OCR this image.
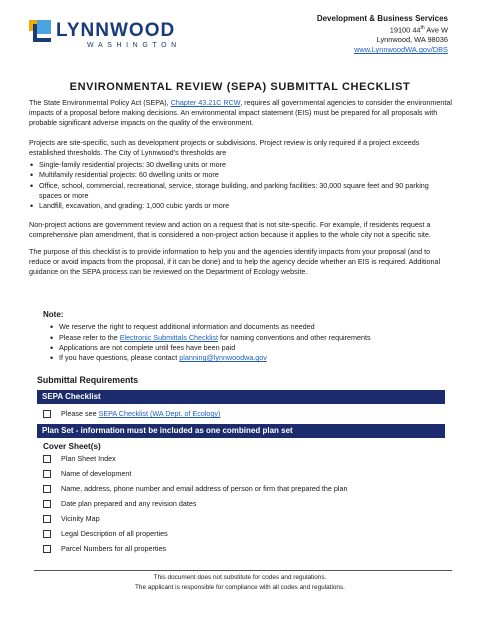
LYNNWOOD
WASHINGTON
Development & Business Services
19100 44th Ave W
Lynnwood, WA 98036
www.LynnwoodWA.gov/DBS
ENVIRONMENTAL REVIEW (SEPA) SUBMITTAL CHECKLIST

The State Environmental Policy Act (SEPA), Chapter 43.21C RCW, requires all governmental agencies to consider the environmental impacts of a proposal before making decisions. An environmental impact statement (EIS) must be prepared for all proposals with probable significant adverse impacts on the quality of the environment.

Projects are site-specific, such as development projects or subdivisions. Project review is only required if a project exceeds established thresholds. The City of Lynnwood’s thresholds are

• Single-family residential projects: 30 dwelling units or more
• Multifamily residential projects: 60 dwelling units or more
• Office, school, commercial, recreational, service, storage building, and parking facilities: 30,000 square feet and 90 parking spaces or more
• Landfill, excavation, and grading: 1,000 cubic yards or more

Non-project actions are government review and action on a request that is not site-specific. For example, if residents request a comprehensive plan amendment, that is considered a non-project action because it applies to the whole city not a specific site.

The purpose of this checklist is to provide information to help you and the agencies identify impacts from your proposal (and to reduce or avoid impacts from the proposal, if it can be done) and to help the agency decide whether an EIS is required. Additional guidance on the SEPA process can be reviewed on the Department of Ecology website.

Note:
• We reserve the right to request additional information and documents as needed
• Please refer to the Electronic Submittals Checklist for naming conventions and other requirements
• Applications are not complete until fees have been paid
• If you have questions, please contact planning@lynnwoodwa.gov
Submittal Requirements
SEPA Checklist
Please see SEPA Checklist (WA Dept. of Ecology)
Plan Set - information must be included as one combined plan set
Cover Sheet(s)
Plan Sheet Index
Name of development
Name, address, phone number and email address of person or firm that prepared the plan
Date plan prepared and any revision dates
Vicinity Map
Legal Description of all properties
Parcel Numbers for all properties
This document does not substitute for codes and regulations.
The applicant is responsible for compliance with all codes and regulations.
